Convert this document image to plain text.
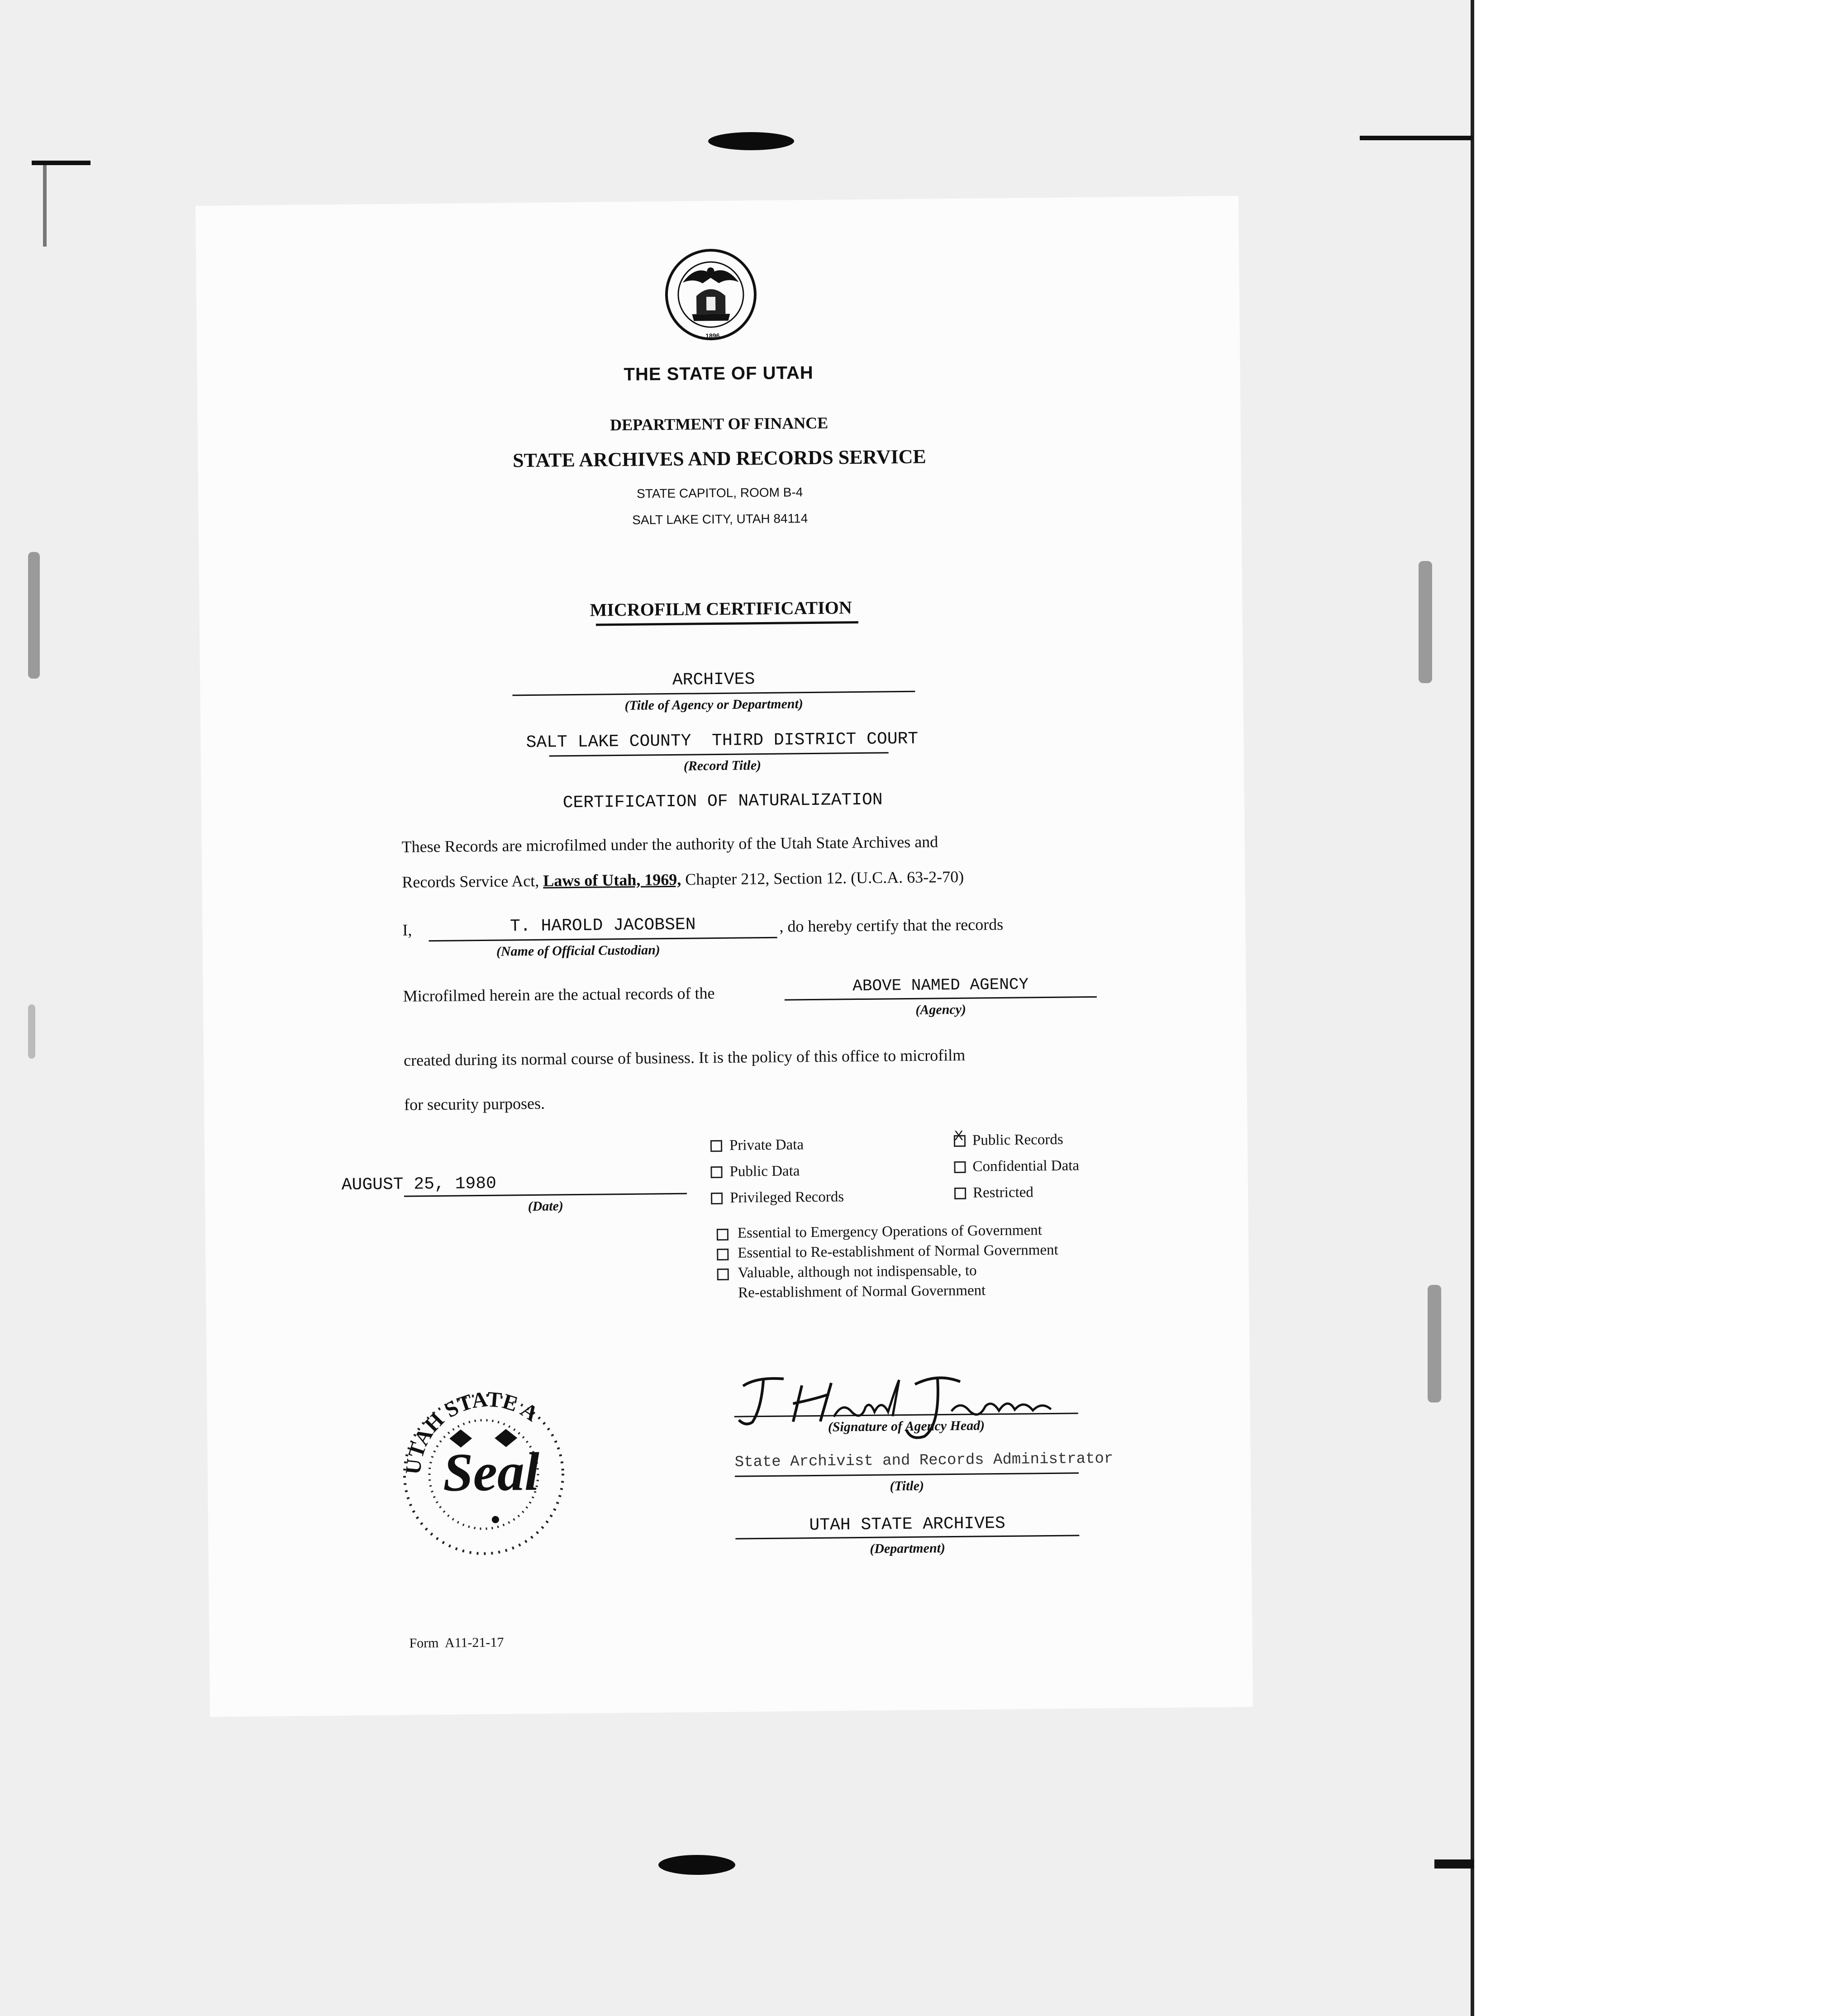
1896
THE STATE OF UTAH
DEPARTMENT OF FINANCE
STATE ARCHIVES AND RECORDS SERVICE
STATE CAPITOL, ROOM B-4
SALT LAKE CITY, UTAH 84114
MICROFILM CERTIFICATION
ARCHIVES
(Title of Agency or Department)
SALT LAKE COUNTY  THIRD DISTRICT COURT
(Record Title)
CERTIFICATION OF NATURALIZATION
These Records are microfilmed under the authority of the Utah State Archives and
Records Service Act, Laws of Utah, 1969, Chapter 212, Section 12. (U.C.A. 63-2-70)
I,	T. HAROLD JACOBSEN	, do hereby certify that the records
(Name of Official Custodian)
Microfilmed herein are the actual records of the	ABOVE NAMED AGENCY
(Agency)
created during its normal course of business. It is the policy of this office to microfilm
for security purposes.
AUGUST 25, 1980
(Date)
Private Data
Public Data
Privileged Records
X Public Records
Confidential Data
Restricted
Essential to Emergency Operations of Government
Essential to Re-establishment of Normal Government
Valuable, although not indispensable, to
Re-establishment of Normal Government
UTAH STATE A
Seal
(Signature of Agency Head)
State Archivist and Records Administrator
(Title)
UTAH STATE ARCHIVES
(Department)
Form  A11-21-17
